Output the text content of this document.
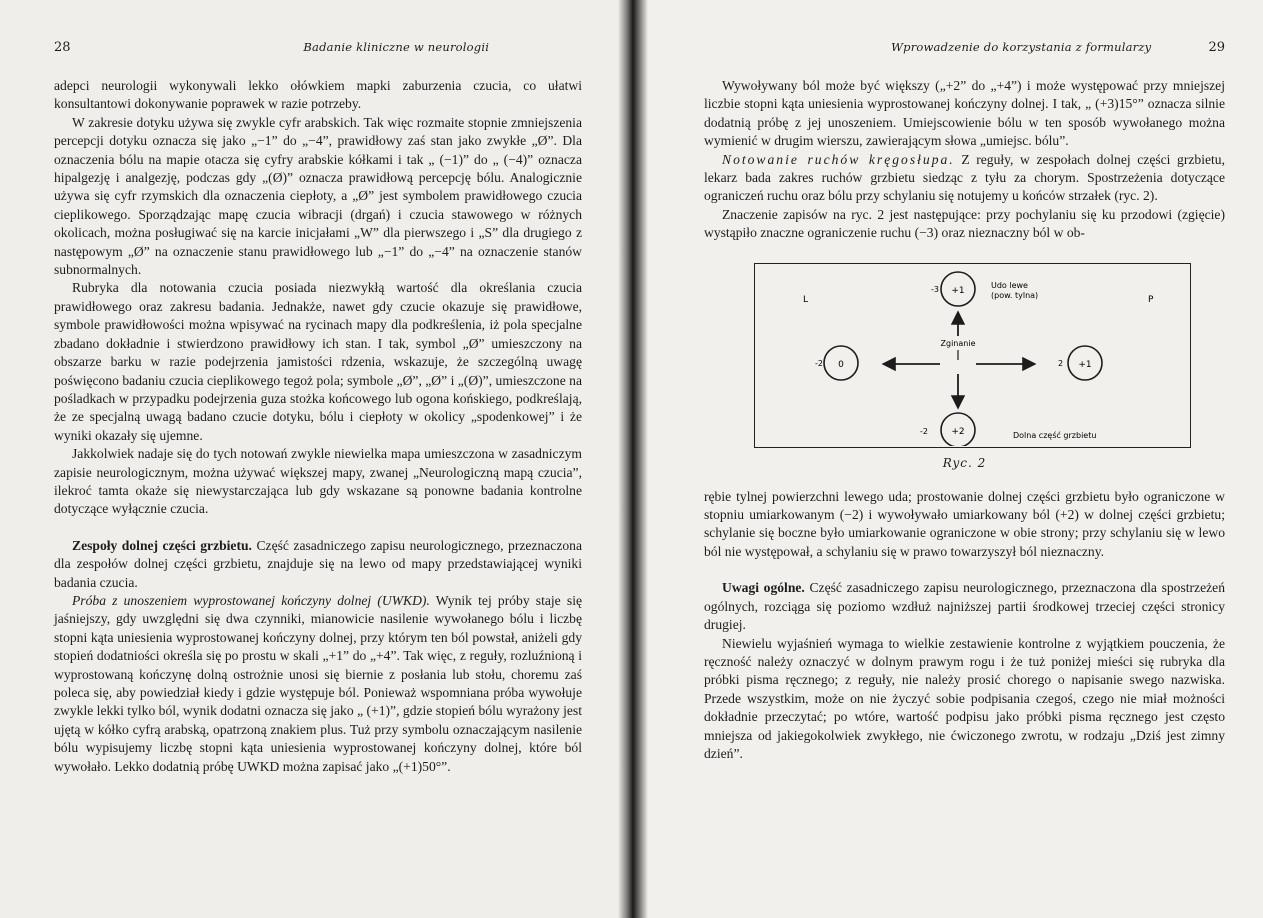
28	Badanie kliniczne w neurologii

adepci neurologii wykonywali lekko ołówkiem mapki zaburzenia czucia, co ułatwi konsultantowi dokonywanie poprawek w razie potrzeby.

W zakresie dotyku używa się zwykle cyfr arabskich. Tak więc rozmaite stopnie zmniejszenia percepcji dotyku oznacza się jako „−1” do „−4”, prawidłowy zaś stan jako zwykłe „Ø”. Dla oznaczenia bólu na mapie otacza się cyfry arabskie kółkami i tak „ (−1)” do „ (−4)” oznacza hipalgezję i analgezję, podczas gdy „(Ø)” oznacza prawidłową percepcję bólu. Analogicznie używa się cyfr rzymskich dla oznaczenia ciepłoty, a „Ø” jest symbolem prawidłowego czucia cieplikowego. Sporządzając mapę czucia wibracji (drgań) i czucia stawowego w różnych okolicach, można posługiwać się na karcie inicjałami „W” dla pierwszego i „S” dla drugiego z następowym „Ø” na oznaczenie stanu prawidłowego lub „−1” do „−4” na oznaczenie stanów subnormalnych.

Rubryka dla notowania czucia posiada niezwykłą wartość dla określania czucia prawidłowego oraz zakresu badania. Jednakże, nawet gdy czucie okazuje się prawidłowe, symbole prawidłowości można wpisywać na rycinach mapy dla podkreślenia, iż pola specjalne zbadano dokładnie i stwierdzono prawidłowy ich stan. I tak, symbol „Ø” umieszczony na obszarze barku w razie podejrzenia jamistości rdzenia, wskazuje, że szczególną uwagę poświęcono badaniu czucia cieplikowego tegoż pola; symbole „Ø”, „Ø” i „(Ø)”, umieszczone na pośladkach w przypadku podejrzenia guza stożka końcowego lub ogona końskiego, podkreślają, że ze specjalną uwagą badano czucie dotyku, bólu i ciepłoty w okolicy „spodenkowej” i że wyniki okazały się ujemne.

Jakkolwiek nadaje się do tych notowań zwykle niewielka mapa umieszczona w zasadniczym zapisie neurologicznym, można używać większej mapy, zwanej „Neurologiczną mapą czucia”, ilekroć tamta okaże się niewystarczająca lub gdy wskazane są ponowne badania kontrolne dotyczące wyłącznie czucia.

Zespoły dolnej części grzbietu. Część zasadniczego zapisu neurologicznego, przeznaczona dla zespołów dolnej części grzbietu, znajduje się na lewo od mapy przedstawiającej wyniki badania czucia.

Próba z unoszeniem wyprostowanej kończyny dolnej (UWKD). Wynik tej próby staje się jaśniejszy, gdy uwzględni się dwa czynniki, mianowicie nasilenie wywołanego bólu i liczbę stopni kąta uniesienia wyprostowanej kończyny dolnej, przy którym ten ból powstał, aniżeli gdy stopień dodatniości określa się po prostu w skali „+1” do „+4”. Tak więc, z reguły, rozluźnioną i wyprostowaną kończynę dolną ostrożnie unosi się biernie z posłania lub stołu, choremu zaś poleca się, aby powiedział kiedy i gdzie występuje ból. Ponieważ wspomniana próba wywołuje zwykle lekki tylko ból, wynik dodatni oznacza się jako „ (+1)”, gdzie stopień bólu wyrażony jest ujętą w kółko cyfrą arabską, opatrzoną znakiem plus. Tuż przy symbolu oznaczającym nasilenie bólu wypisujemy liczbę stopni kąta uniesienia wyprostowanej kończyny dolnej, które ból wywołało. Lekko dodatnią próbę UWKD można zapisać jako „(+1)50°”.

Wprowadzenie do korzystania z formularzy	29

Wywoływany ból może być większy („+2” do „+4”) i może występować przy mniejszej liczbie stopni kąta uniesienia wyprostowanej kończyny dolnej. I tak, „ (+3)15°” oznacza silnie dodatnią próbę z jej unoszeniem. Umiejscowienie bólu w ten sposób wywołanego można wymienić w drugim wierszu, zawierającym słowa „umiejsc. bólu”.

Notowanie ruchów kręgosłupa. Z reguły, w zespołach dolnej części grzbietu, lekarz bada zakres ruchów grzbietu siedząc z tyłu za chorym. Spostrzeżenia dotyczące ograniczeń ruchu oraz bólu przy schylaniu się notujemy u końców strzałek (ryc. 2).

Znaczenie zapisów na ryc. 2 jest następujące: przy pochylaniu się ku przodowi (zgięcie) wystąpiło znaczne ograniczenie ruchu (−3) oraz nieznaczny ból w ob-

L	P
-3 +1
Udo lewe
(pow. tylna)
Zginanie
-2 0	2 +1
-2	+2	Dolna część grzbietu
Ryc. 2

rębie tylnej powierzchni lewego uda; prostowanie dolnej części grzbietu było ograniczone w stopniu umiarkowanym (−2) i wywoływało umiarkowany ból (+2) w dolnej części grzbietu; schylanie się boczne było umiarkowanie ograniczone w obie strony; przy schylaniu się w lewo ból nie występował, a schylaniu się w prawo towarzyszył ból nieznaczny.

Uwagi ogólne. Część zasadniczego zapisu neurologicznego, przeznaczona dla spostrzeżeń ogólnych, rozciąga się poziomo wzdłuż najniższej partii środkowej trzeciej części stronicy drugiej.

Niewielu wyjaśnień wymaga to wielkie zestawienie kontrolne z wyjątkiem pouczenia, że ręczność należy oznaczyć w dolnym prawym rogu i że tuż poniżej mieści się rubryka dla próbki pisma ręcznego; z reguły, nie należy prosić chorego o napisanie swego nazwiska. Przede wszystkim, może on nie życzyć sobie podpisania czegoś, czego nie miał możności dokładnie przeczytać; po wtóre, wartość podpisu jako próbki pisma ręcznego jest często mniejsza od jakiegokolwiek zwykłego, nie ćwiczonego zwrotu, w rodzaju „Dziś jest zimny dzień”.
